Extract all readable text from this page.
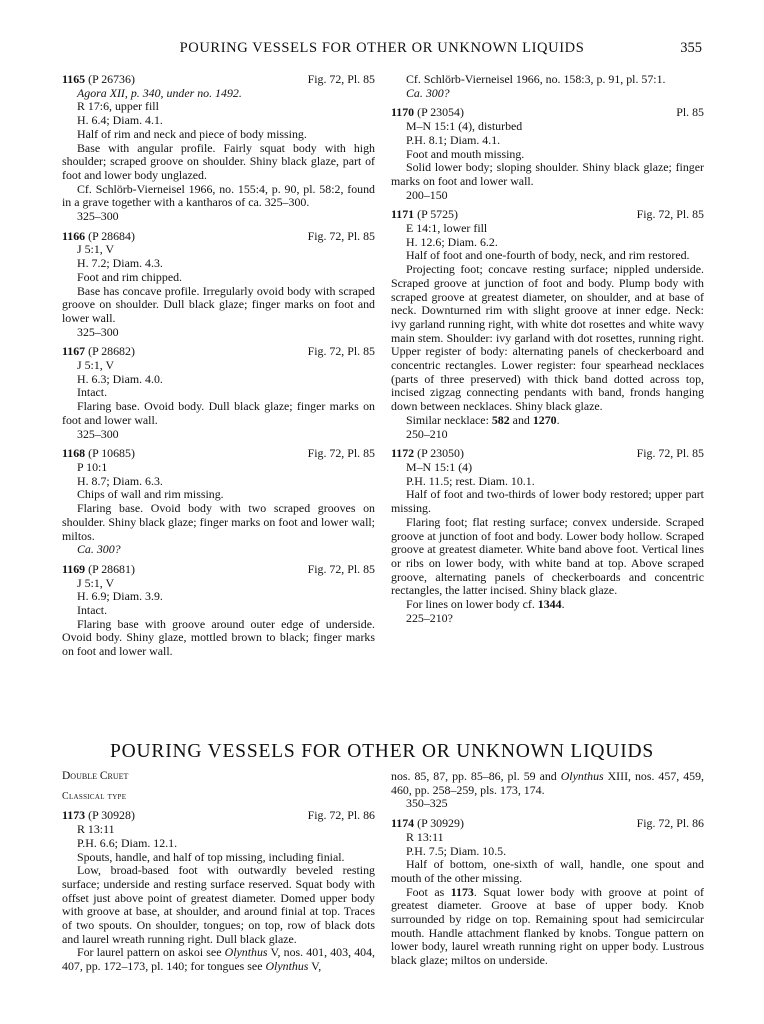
POURING VESSELS FOR OTHER OR UNKNOWN LIQUIDS	355
1165 (P 26736)	Fig. 72, Pl. 85
Agora XII, p. 340, under no. 1492.
R 17:6, upper fill
H. 6.4; Diam. 4.1.

Half of rim and neck and piece of body missing.

Base with angular profile. Fairly squat body with high shoulder; scraped groove on shoulder. Shiny black glaze, part of foot and lower body unglazed.

Cf. Schlörb-Vierneisel 1966, no. 155:4, p. 90, pl. 58:2, found in a grave together with a kantharos of ca. 325–300.

325–300
1166 (P 28684)	Fig. 72, Pl. 85
J 5:1, V
H. 7.2; Diam. 4.3.

Foot and rim chipped.

Base has concave profile. Irregularly ovoid body with scraped groove on shoulder. Dull black glaze; finger marks on foot and lower wall.

325–300
1167 (P 28682)	Fig. 72, Pl. 85
J 5:1, V
H. 6.3; Diam. 4.0.

Intact.

Flaring base. Ovoid body. Dull black glaze; finger marks on foot and lower wall.

325–300
1168 (P 10685)	Fig. 72, Pl. 85
P 10:1
H. 8.7; Diam. 6.3.

Chips of wall and rim missing.

Flaring base. Ovoid body with two scraped grooves on shoulder. Shiny black glaze; finger marks on foot and lower wall; miltos.

Ca. 300?
1169 (P 28681)	Fig. 72, Pl. 85
J 5:1, V
H. 6.9; Diam. 3.9.

Intact.

Flaring base with groove around outer edge of underside. Ovoid body. Shiny glaze, mottled brown to black; finger marks on foot and lower wall.

Cf. Schlörb-Vierneisel 1966, no. 158:3, p. 91, pl. 57:1.

Ca. 300?
1170 (P 23054)	Pl. 85
M–N 15:1 (4), disturbed
P.H. 8.1; Diam. 4.1.

Foot and mouth missing.

Solid lower body; sloping shoulder. Shiny black glaze; finger marks on foot and lower wall.

200–150
1171 (P 5725)	Fig. 72, Pl. 85
E 14:1, lower fill
H. 12.6; Diam. 6.2.

Half of foot and one-fourth of body, neck, and rim restored.

Projecting foot; concave resting surface; nippled underside. Scraped groove at junction of foot and body. Plump body with scraped groove at greatest diameter, on shoulder, and at base of neck. Downturned rim with slight groove at inner edge. Neck: ivy garland running right, with white dot rosettes and white wavy main stem. Shoulder: ivy garland with dot rosettes, running right. Upper register of body: alternating panels of checkerboard and concentric rectangles. Lower register: four spearhead necklaces (parts of three preserved) with thick band dotted across top, incised zigzag connecting pendants with band, fronds hanging down between necklaces. Shiny black glaze.

Similar necklace: 582 and 1270.

250–210
1172 (P 23050)	Fig. 72, Pl. 85
M–N 15:1 (4)
P.H. 11.5; rest. Diam. 10.1.

Half of foot and two-thirds of lower body restored; upper part missing.

Flaring foot; flat resting surface; convex underside. Scraped groove at junction of foot and body. Lower body hollow. Scraped groove at greatest diameter. White band above foot. Vertical lines or ribs on lower body, with white band at top. Above scraped groove, alternating panels of checkerboards and concentric rectangles, the latter incised. Shiny black glaze.

For lines on lower body cf. 1344.

225–210?
POURING VESSELS FOR OTHER OR UNKNOWN LIQUIDS
Double Cruet
Classical type
1173 (P 30928)	Fig. 72, Pl. 86
R 13:11
P.H. 6.6; Diam. 12.1.

Spouts, handle, and half of top missing, including finial.

Low, broad-based foot with outwardly beveled resting surface; underside and resting surface reserved. Squat body with offset just above point of greatest diameter. Domed upper body with groove at base, at shoulder, and around finial at top. Traces of two spouts. On shoulder, tongues; on top, row of black dots and laurel wreath running right. Dull black glaze.

For laurel pattern on askoi see Olynthus V, nos. 401, 403, 404, 407, pp. 172–173, pl. 140; for tongues see Olynthus V,

nos. 85, 87, pp. 85–86, pl. 59 and Olynthus XIII, nos. 457, 459, 460, pp. 258–259, pls. 173, 174.

350–325
1174 (P 30929)	Fig. 72, Pl. 86
R 13:11
P.H. 7.5; Diam. 10.5.

Half of bottom, one-sixth of wall, handle, one spout and mouth of the other missing.

Foot as 1173. Squat lower body with groove at point of greatest diameter. Groove at base of upper body. Knob surrounded by ridge on top. Remaining spout had semicircular mouth. Handle attachment flanked by knobs. Tongue pattern on lower body, laurel wreath running right on upper body. Lustrous black glaze; miltos on underside.
